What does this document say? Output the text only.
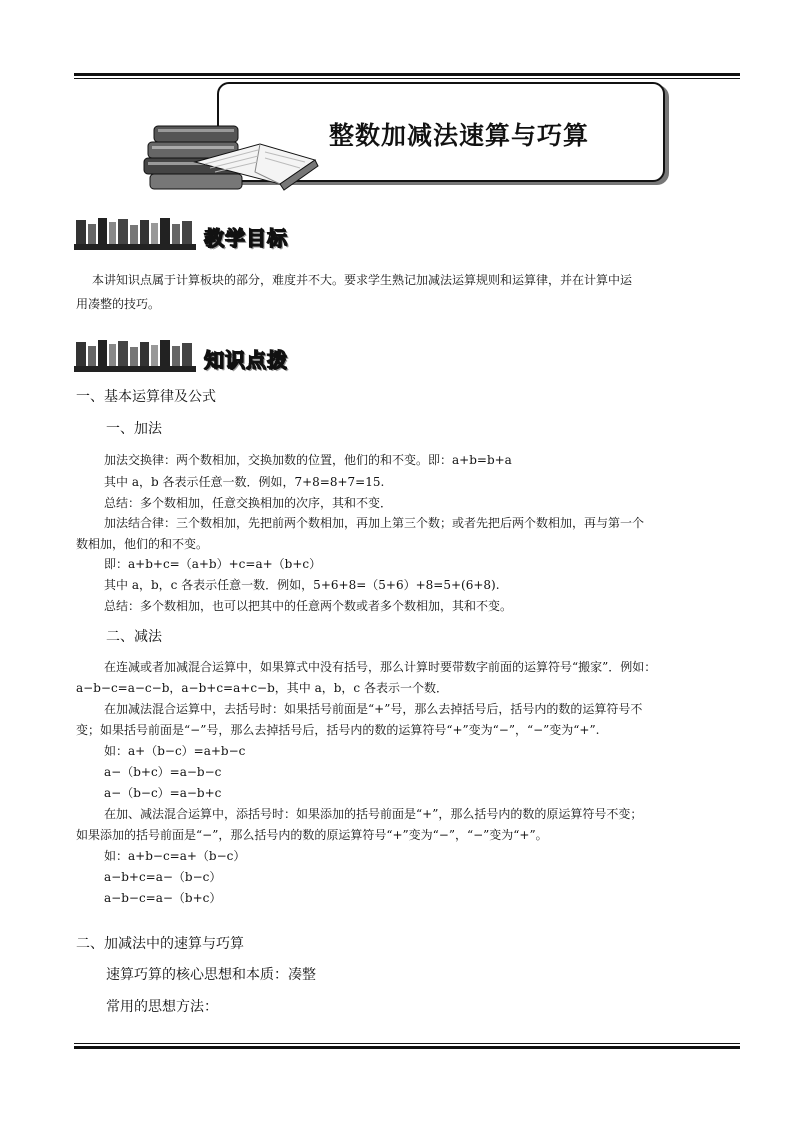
整数加减法速算与巧算
教学目标
本讲知识点属于计算板块的部分，难度并不大。要求学生熟记加减法运算规则和运算律，并在计算中运
用凑整的技巧。
知识点拨
一、基本运算律及公式
一、加法
加法交换律：两个数相加，交换加数的位置，他们的和不变。即：a+b=b+a
其中 a，b 各表示任意一数．例如，7+8=8+7=15.
总结：多个数相加，任意交换相加的次序，其和不变．
加法结合律：三个数相加，先把前两个数相加，再加上第三个数；或者先把后两个数相加，再与第一个
数相加，他们的和不变。
即：a+b+c=（a+b）+c=a+（b+c）
其中 a，b，c 各表示任意一数．例如，5+6+8=（5+6）+8=5+(6+8).
总结：多个数相加，也可以把其中的任意两个数或者多个数相加，其和不变。
二、减法
在连减或者加减混合运算中，如果算式中没有括号，那么计算时要带数字前面的运算符号“搬家”．例如：
a−b−c=a−c−b，a−b+c=a+c−b，其中 a，b，c 各表示一个数．
在加减法混合运算中，去括号时：如果括号前面是“+”号，那么去掉括号后，括号内的数的运算符号不
变；如果括号前面是“−”号，那么去掉括号后，括号内的数的运算符号“+”变为“−”，“−”变为“+”.
如：a+（b−c）=a+b−c
a−（b+c）=a−b−c
a−（b−c）=a−b+c
在加、减法混合运算中，添括号时：如果添加的括号前面是“+”，那么括号内的数的原运算符号不变；
如果添加的括号前面是“−”，那么括号内的数的原运算符号“+”变为“−”，“−”变为“+”。
如：a+b−c=a+（b−c）
a−b+c=a−（b−c）
a−b−c=a−（b+c）
二、加减法中的速算与巧算
速算巧算的核心思想和本质：凑整
常用的思想方法：
